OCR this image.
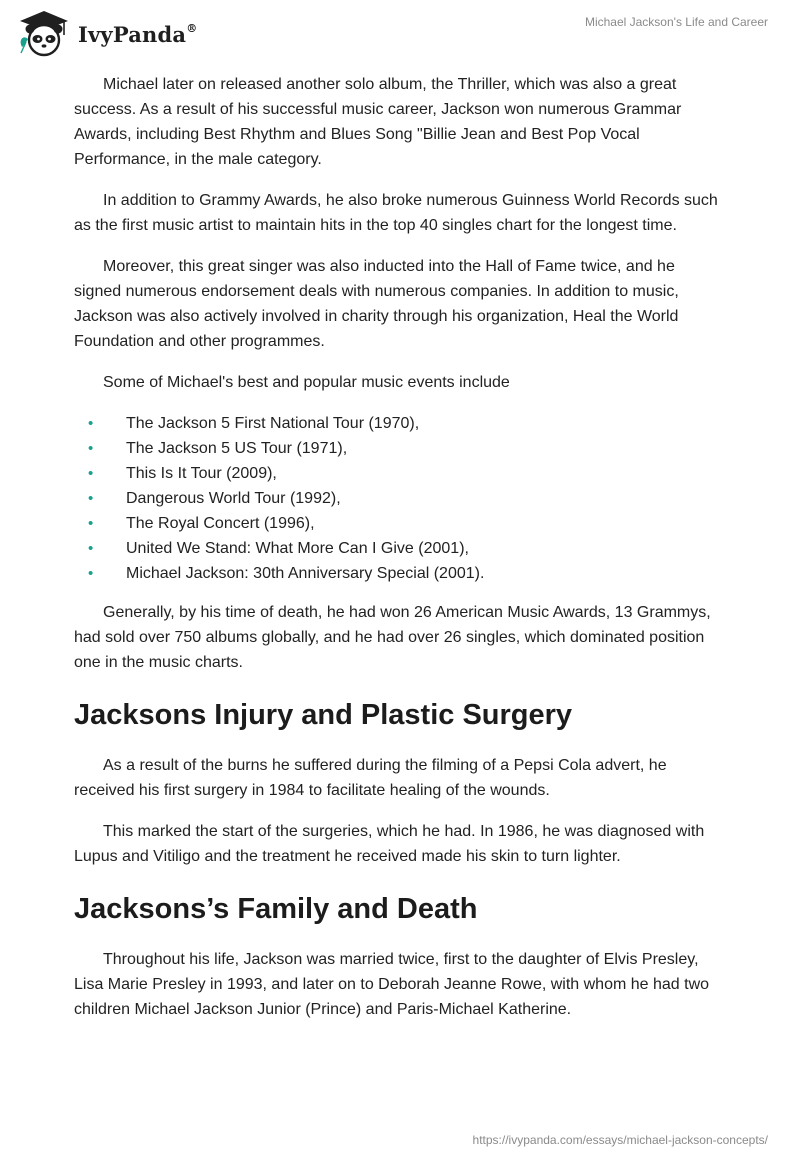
IvyPanda®	Michael Jackson's Life and Career

Michael later on released another solo album, the Thriller, which was also a great success. As a result of his successful music career, Jackson won numerous Grammar Awards, including Best Rhythm and Blues Song "Billie Jean and Best Pop Vocal Performance, in the male category.

In addition to Grammy Awards, he also broke numerous Guinness World Records such as the first music artist to maintain hits in the top 40 singles chart for the longest time.

Moreover, this great singer was also inducted into the Hall of Fame twice, and he signed numerous endorsement deals with numerous companies. In addition to music, Jackson was also actively involved in charity through his organization, Heal the World Foundation and other programmes.

Some of Michael's best and popular music events include

• The Jackson 5 First National Tour (1970),
• The Jackson 5 US Tour (1971),
• This Is It Tour (2009),
• Dangerous World Tour (1992),
• The Royal Concert (1996),
• United We Stand: What More Can I Give (2001),
• Michael Jackson: 30th Anniversary Special (2001).

Generally, by his time of death, he had won 26 American Music Awards, 13 Grammys, had sold over 750 albums globally, and he had over 26 singles, which dominated position one in the music charts.

Jacksons Injury and Plastic Surgery

As a result of the burns he suffered during the filming of a Pepsi Cola advert, he received his first surgery in 1984 to facilitate healing of the wounds.

This marked the start of the surgeries, which he had. In 1986, he was diagnosed with Lupus and Vitiligo and the treatment he received made his skin to turn lighter.

Jacksons’s Family and Death

Throughout his life, Jackson was married twice, first to the daughter of Elvis Presley, Lisa Marie Presley in 1993, and later on to Deborah Jeanne Rowe, with whom he had two children Michael Jackson Junior (Prince) and Paris-Michael Katherine.

https://ivypanda.com/essays/michael-jackson-concepts/
